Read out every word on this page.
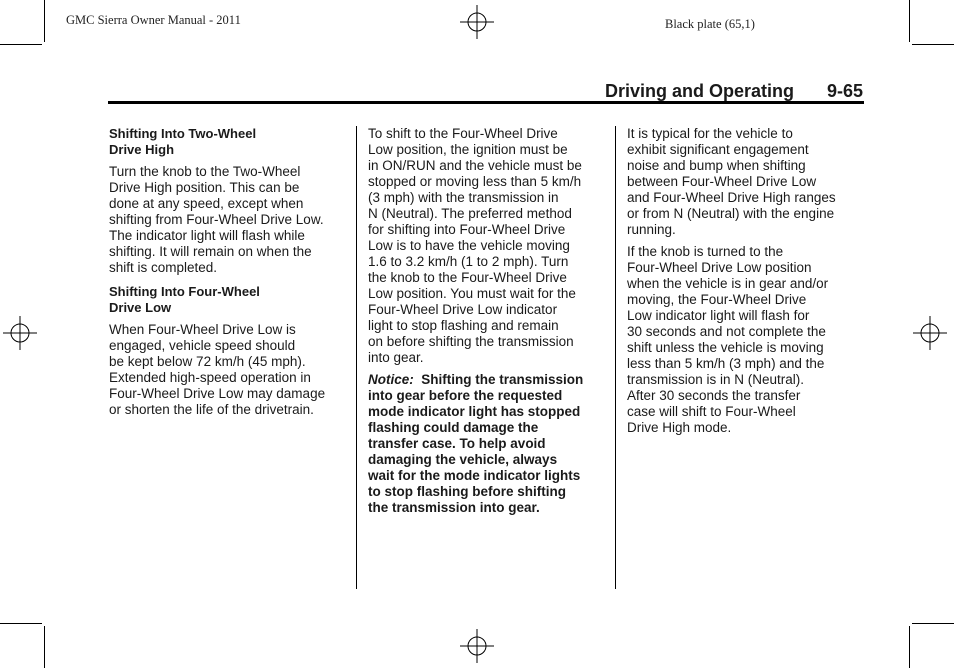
GMC Sierra Owner Manual - 2011	Black plate (65,1)
Driving and Operating 9-65
Shifting Into Two-Wheel
Drive High
Turn the knob to the Two-Wheel
Drive High position. This can be
done at any speed, except when
shifting from Four-Wheel Drive Low.
The indicator light will flash while
shifting. It will remain on when the
shift is completed.
Shifting Into Four-Wheel
Drive Low
When Four-Wheel Drive Low is
engaged, vehicle speed should
be kept below 72 km/h (45 mph).
Extended high-speed operation in
Four-Wheel Drive Low may damage
or shorten the life of the drivetrain.
To shift to the Four-Wheel Drive
Low position, the ignition must be
in ON/RUN and the vehicle must be
stopped or moving less than 5 km/h
(3 mph) with the transmission in
N (Neutral). The preferred method
for shifting into Four-Wheel Drive
Low is to have the vehicle moving
1.6 to 3.2 km/h (1 to 2 mph). Turn
the knob to the Four-Wheel Drive
Low position. You must wait for the
Four-Wheel Drive Low indicator
light to stop flashing and remain
on before shifting the transmission
into gear.
Notice: Shifting the transmission
into gear before the requested
mode indicator light has stopped
flashing could damage the
transfer case. To help avoid
damaging the vehicle, always
wait for the mode indicator lights
to stop flashing before shifting
the transmission into gear.
It is typical for the vehicle to
exhibit significant engagement
noise and bump when shifting
between Four-Wheel Drive Low
and Four-Wheel Drive High ranges
or from N (Neutral) with the engine
running.
If the knob is turned to the
Four-Wheel Drive Low position
when the vehicle is in gear and/or
moving, the Four-Wheel Drive
Low indicator light will flash for
30 seconds and not complete the
shift unless the vehicle is moving
less than 5 km/h (3 mph) and the
transmission is in N (Neutral).
After 30 seconds the transfer
case will shift to Four-Wheel
Drive High mode.
